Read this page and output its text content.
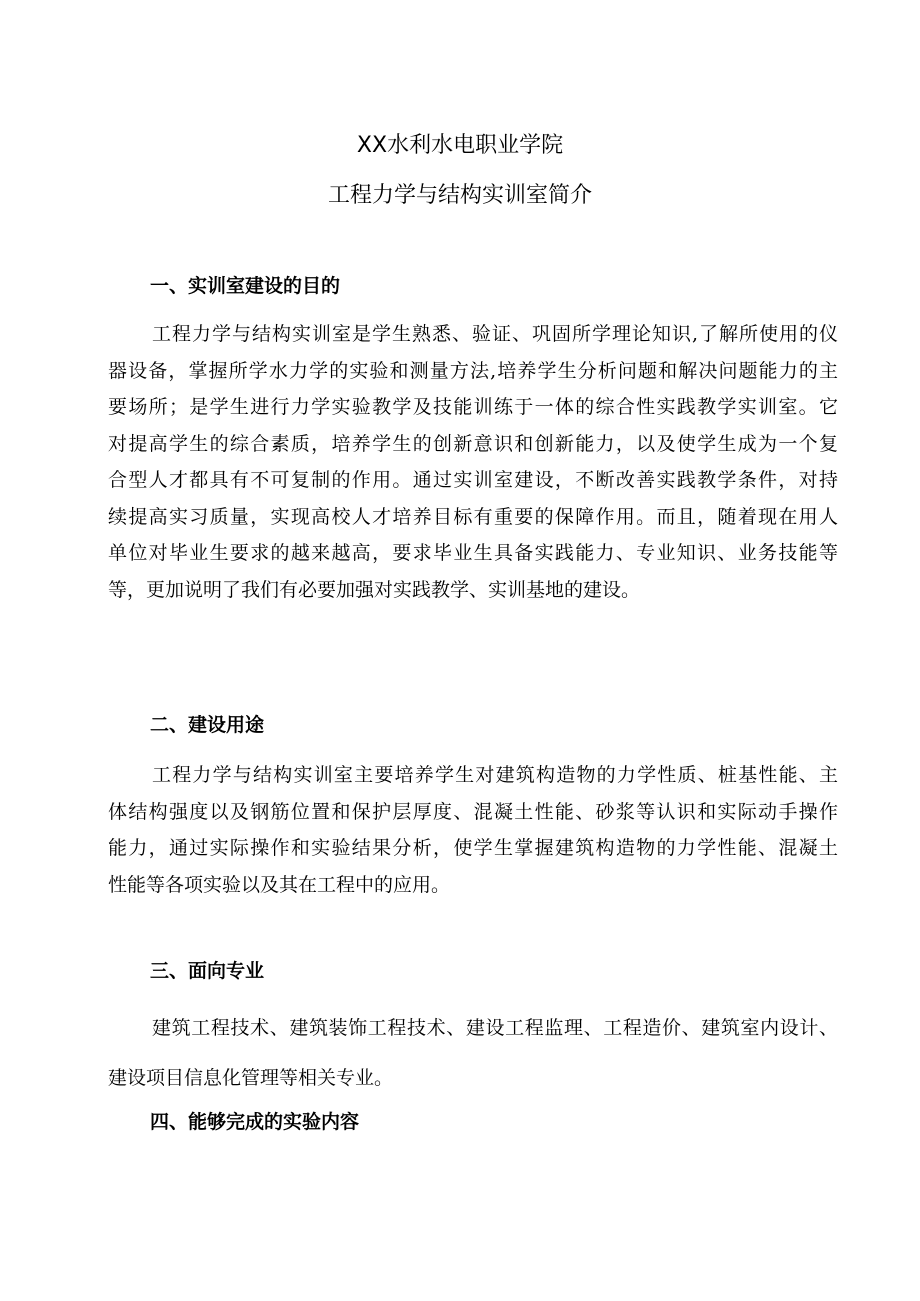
XX水利水电职业学院
工程力学与结构实训室简介
一、实训室建设的目的
工程力学与结构实训室是学生熟悉、验证、巩固所学理论知识,了解所使用的仪
器设备，掌握所学水力学的实验和测量方法,培养学生分析问题和解决问题能力的主
要场所；是学生进行力学实验教学及技能训练于一体的综合性实践教学实训室。它
对提高学生的综合素质，培养学生的创新意识和创新能力，以及使学生成为一个复
合型人才都具有不可复制的作用。通过实训室建设，不断改善实践教学条件，对持
续提高实习质量，实现高校人才培养目标有重要的保障作用。而且，随着现在用人
单位对毕业生要求的越来越高，要求毕业生具备实践能力、专业知识、业务技能等
等，更加说明了我们有必要加强对实践教学、实训基地的建设。
二、建设用途
工程力学与结构实训室主要培养学生对建筑构造物的力学性质、桩基性能、主
体结构强度以及钢筋位置和保护层厚度、混凝土性能、砂浆等认识和实际动手操作
能力，通过实际操作和实验结果分析，使学生掌握建筑构造物的力学性能、混凝土
性能等各项实验以及其在工程中的应用。
三、面向专业
建筑工程技术、建筑装饰工程技术、建设工程监理、工程造价、建筑室内设计、
建设项目信息化管理等相关专业。
四、能够完成的实验内容
